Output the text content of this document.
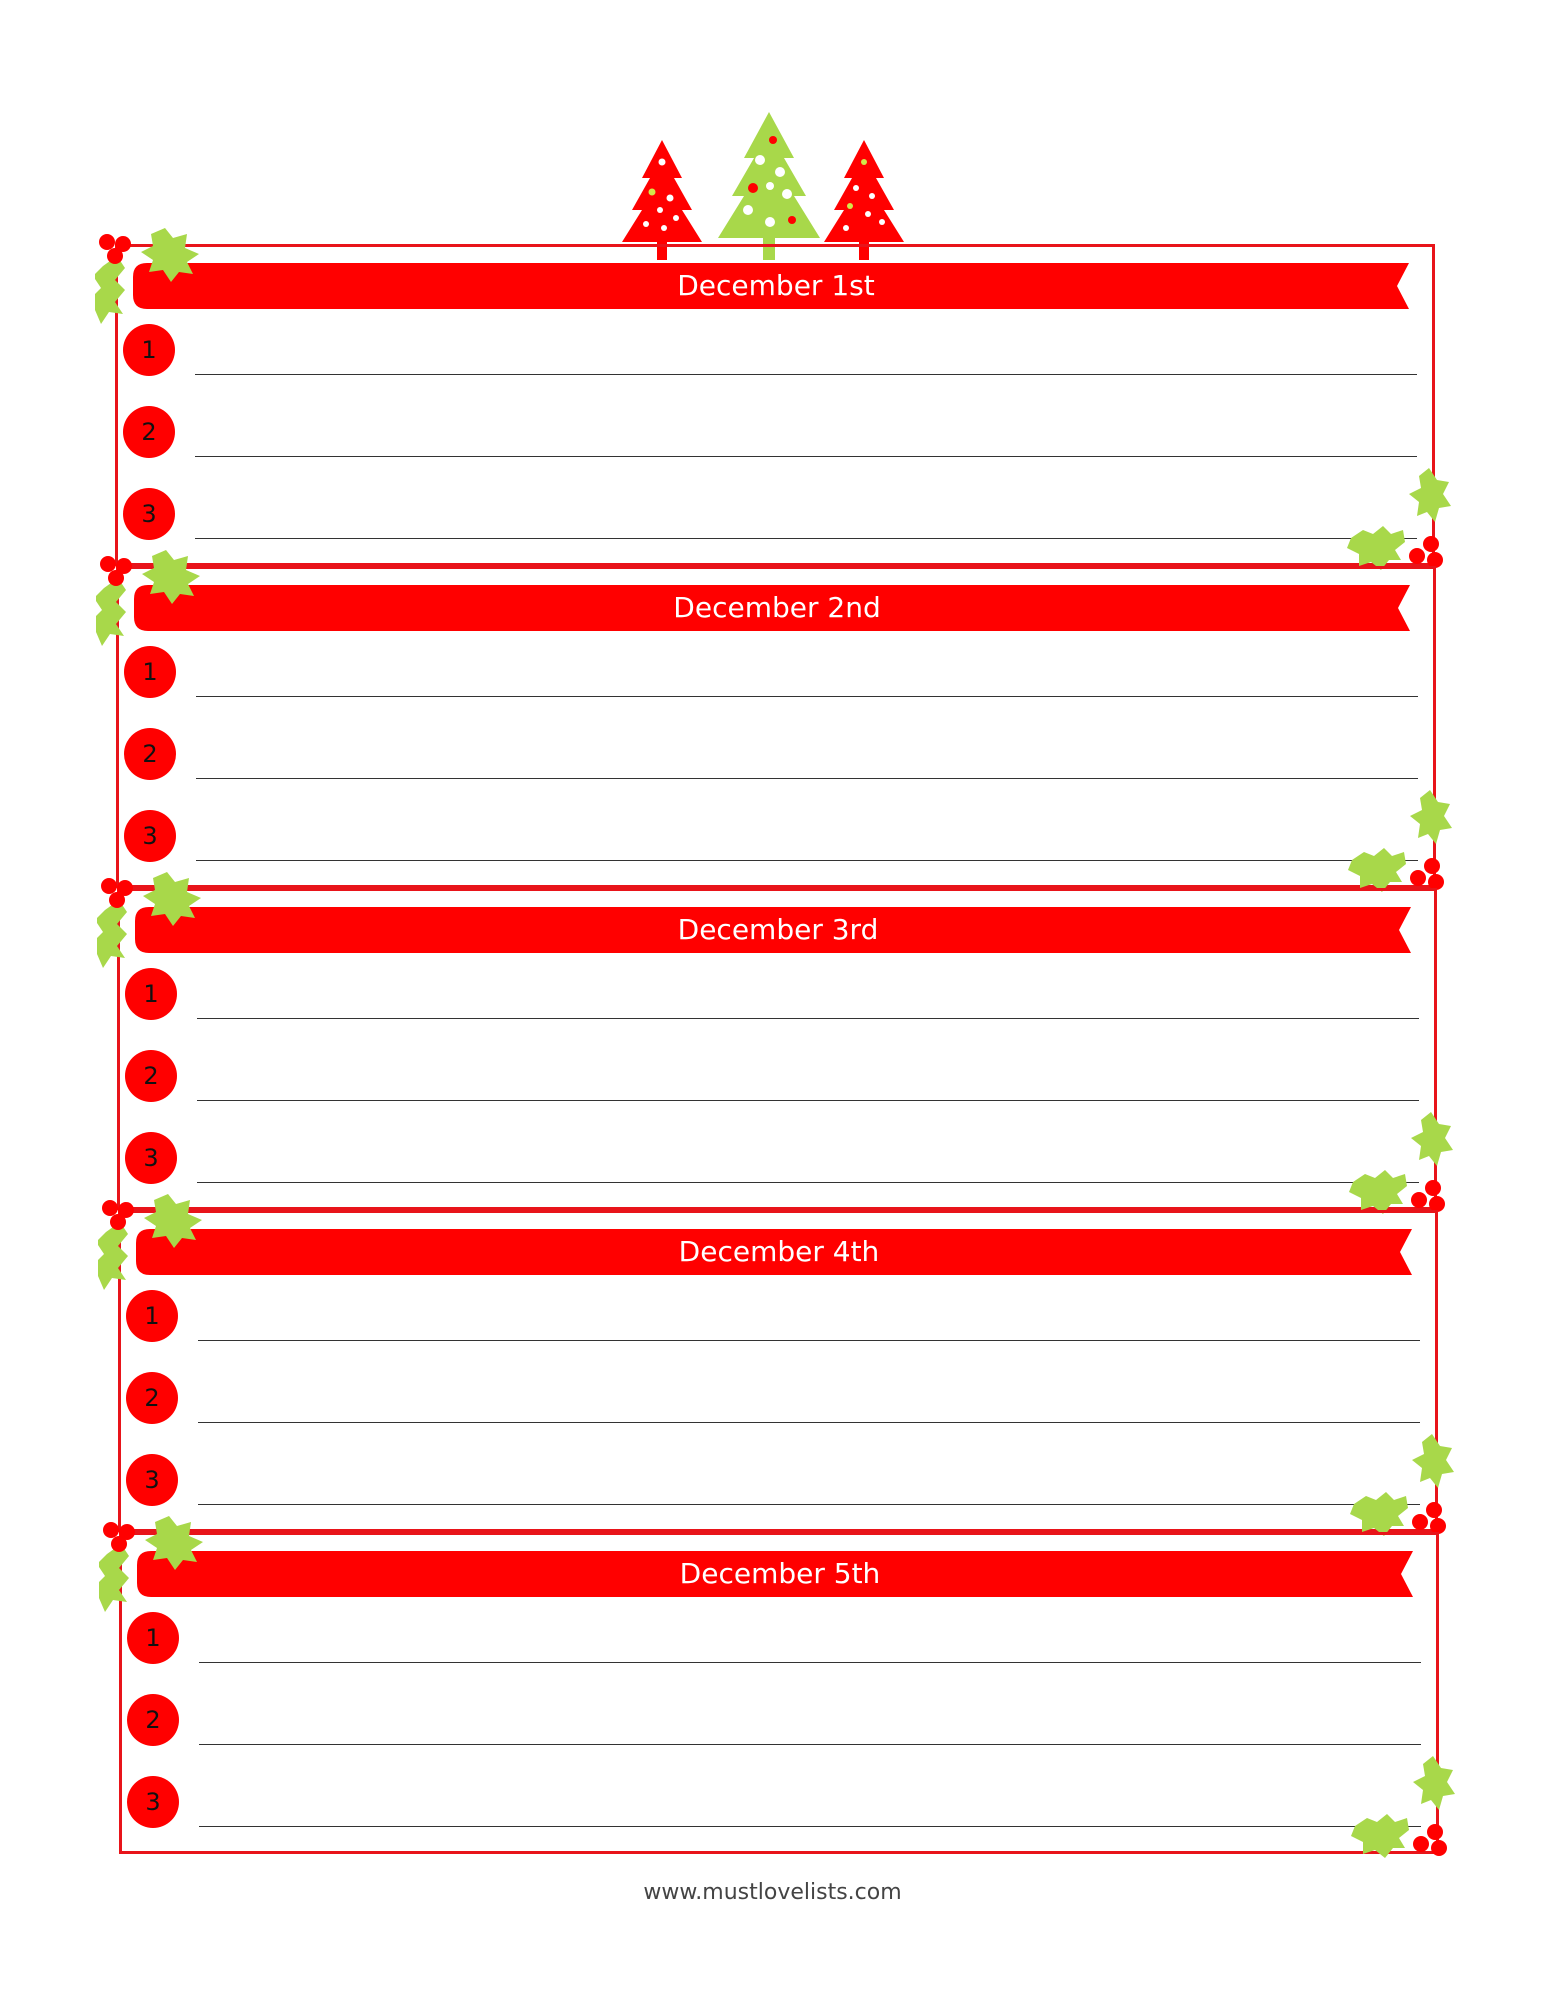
December 1st
1
2
3
December 2nd
1
2
3
December 3rd
1
2
3
December 4th
1
2
3
December 5th
1
2
3
www.mustlovelists.com
